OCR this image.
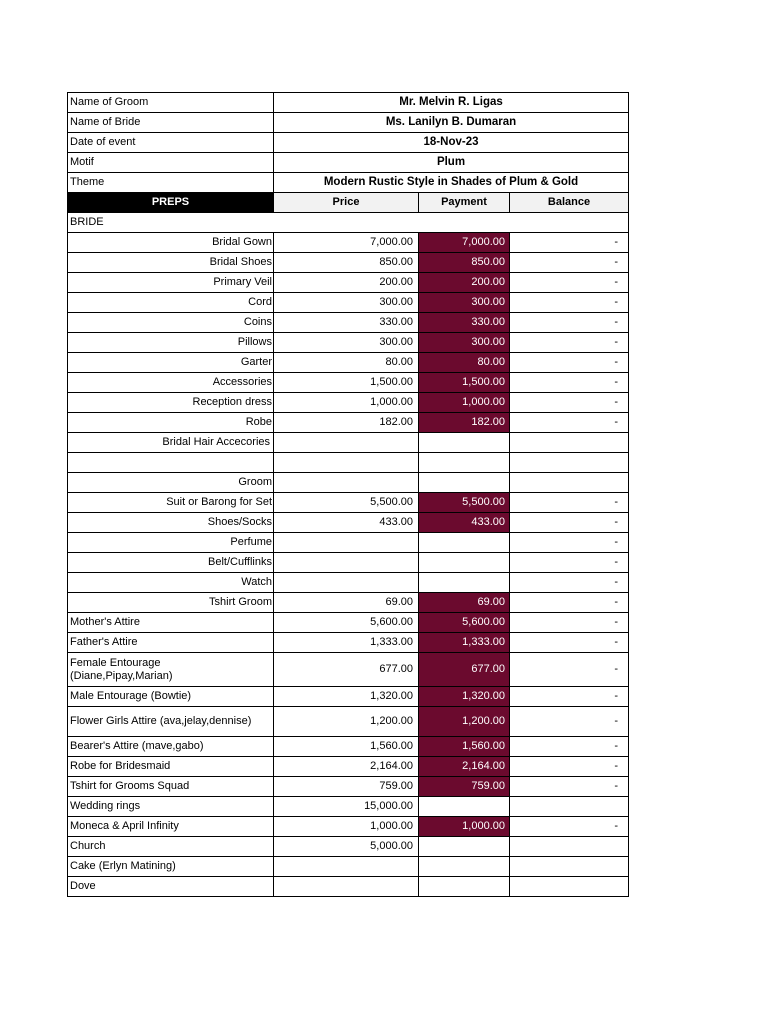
Name of Groom	Mr. Melvin R. Ligas		
Name of Bride	Ms. Lanilyn B. Dumaran		
Date of event	18-Nov-23		
Motif	Plum		
Theme	Modern Rustic Style in Shades of Plum & Gold		
PREPS	Price	Payment	Balance
BRIDE			
Bridal Gown	7,000.00	7,000.00	-
Bridal Shoes	850.00	850.00	-
Primary Veil	200.00	200.00	-
Cord	300.00	300.00	-
Coins	330.00	330.00	-
Pillows	300.00	300.00	-
Garter	80.00	80.00	-
Accessories	1,500.00	1,500.00	-
Reception dress	1,000.00	1,000.00	-
Robe	182.00	182.00	-
Bridal Hair Accecories			

Groom			
Suit or Barong for Set	5,500.00	5,500.00	-
Shoes/Socks	433.00	433.00	-
Perfume			-
Belt/Cufflinks			-
Watch			-
Tshirt Groom	69.00	69.00	-
Mother's Attire	5,600.00	5,600.00	-
Father's Attire	1,333.00	1,333.00	-

Female Entourage
(Diane,Pipay,Marian)	677.00	677.00	-
Male Entourage (Bowtie)	1,320.00	1,320.00	-
Flower Girls Attire (ava,jelay,dennise)	1,200.00	1,200.00	-
Bearer's Attire (mave,gabo)	1,560.00	1,560.00	-
Robe for Bridesmaid	2,164.00	2,164.00	-
Tshirt for Grooms Squad	759.00	759.00	-
Wedding rings	15,000.00		
Moneca & April Infinity	1,000.00	1,000.00	-
Church	5,000.00		
Cake (Erlyn Matining)			
Dove			
